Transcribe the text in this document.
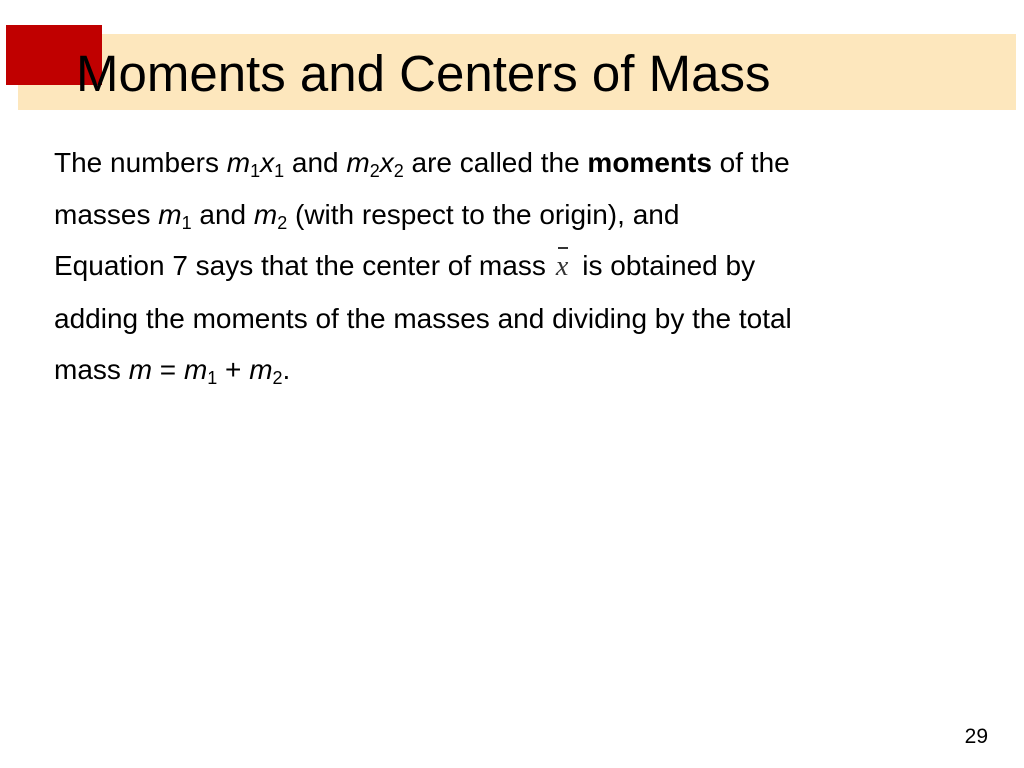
Moments and Centers of Mass
The numbers $m_1x_1$ and $m_2x_2$ are called the moments of the
masses $m_1$ and $m_2$ (with respect to the origin), and
Equation 7 says that the center of mass x is obtained by
adding the moments of the masses and dividing by the total
mass $m = m_1 + m_2$.
29
